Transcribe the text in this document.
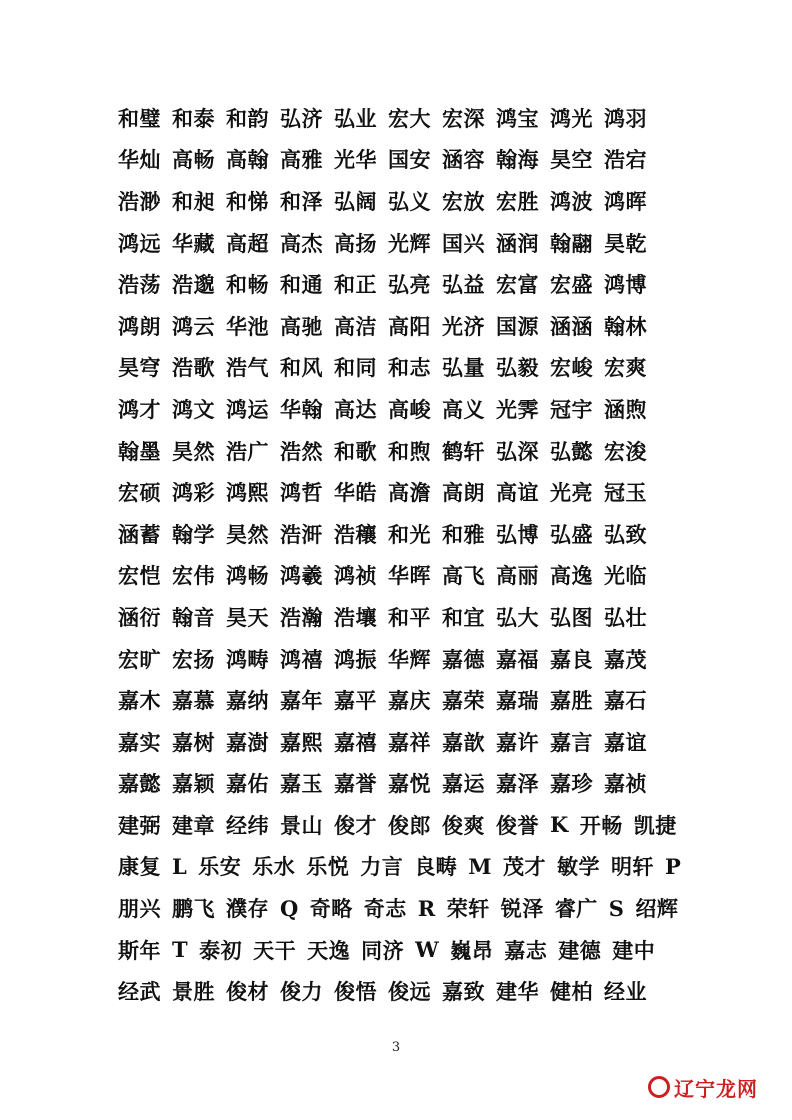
和璧 和泰 和韵 弘济 弘业 宏大 宏深 鸿宝 鸿光 鸿羽
华灿 高畅 高翰 高雅 光华 国安 涵容 翰海 昊空 浩宕
浩渺 和昶 和悌 和泽 弘阔 弘义 宏放 宏胜 鸿波 鸿晖
鸿远 华藏 高超 高杰 高扬 光辉 国兴 涵润 翰翮 昊乾
浩荡 浩邈 和畅 和通 和正 弘亮 弘益 宏富 宏盛 鸿博
鸿朗 鸿云 华池 高驰 高洁 高阳 光济 国源 涵涵 翰林
昊穹 浩歌 浩气 和风 和同 和志 弘量 弘毅 宏峻 宏爽
鸿才 鸿文 鸿运 华翰 高达 高峻 高义 光霁 冠宇 涵煦
翰墨 昊然 浩广 浩然 和歌 和煦 鹤轩 弘深 弘懿 宏浚
宏硕 鸿彩 鸿熙 鸿哲 华皓 高澹 高朗 高谊 光亮 冠玉
涵蓄 翰学 昊然 浩涆 浩穰 和光 和雅 弘博 弘盛 弘致
宏恺 宏伟 鸿畅 鸿羲 鸿祯 华晖 高飞 高丽 高逸 光临
涵衍 翰音 昊天 浩瀚 浩壤 和平 和宜 弘大 弘图 弘壮
宏旷 宏扬 鸿畴 鸿禧 鸿振 华辉 嘉德 嘉福 嘉良 嘉茂
嘉木 嘉慕 嘉纳 嘉年 嘉平 嘉庆 嘉荣 嘉瑞 嘉胜 嘉石
嘉实 嘉树 嘉澍 嘉熙 嘉禧 嘉祥 嘉歆 嘉许 嘉言 嘉谊
嘉懿 嘉颖 嘉佑 嘉玉 嘉誉 嘉悦 嘉运 嘉泽 嘉珍 嘉祯
建弼 建章 经纬 景山 俊才 俊郎 俊爽 俊誉 K 开畅 凯捷
康复 L 乐安 乐水 乐悦 力言 良畴 M 茂才 敏学 明轩 P
朋兴 鹏飞 濮存 Q 奇略 奇志 R 荣轩 锐泽 睿广 S 绍辉
斯年 T 泰初 天干 天逸 同济 W 巍昂 嘉志 建德 建中
经武 景胜 俊材 俊力 俊悟 俊远 嘉致 建华 健柏 经业
3
辽宁龙网
